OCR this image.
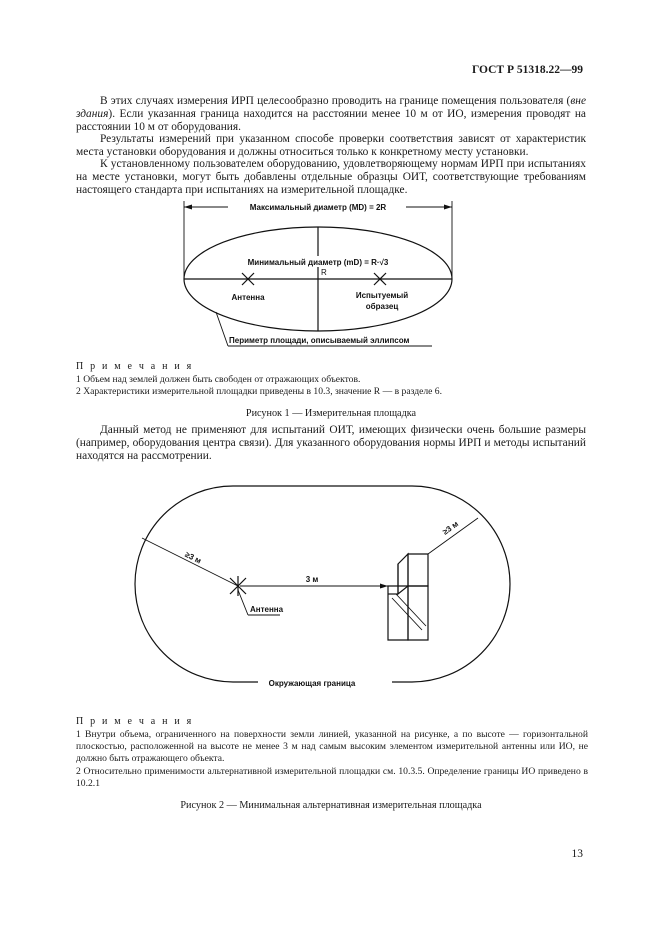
ГОСТ Р 51318.22—99

В этих случаях измерения ИРП целесообразно проводить на границе помещения пользователя (вне здания). Если указанная граница находится на расстоянии менее 10 м от ИО, измерения проводят на расстоянии 10 м от оборудования.

Результаты измерений при указанном способе проверки соответствия зависят от характеристик места установки оборудования и должны относиться только к конкретному месту установки.

К установленному пользователем оборудованию, удовлетворяющему нормам ИРП при испытаниях на месте установки, могут быть добавлены отдельные образцы ОИТ, соответствующие требованиям настоящего стандарта при испытаниях на измерительной площадке.

Максимальный диаметр (MD) = 2R
Минимальный диаметр (mD) = R·√3
R
Антенна	Испытуемый
образец
Периметр площади, описываемый эллипсом
П р и м е ч а н и я

1 Объем над землей должен быть свободен от отражающих объектов.

2 Характеристики измерительной площадки приведены в 10.3, значение R — в разделе 6.

Рисунок 1 — Измерительная площадка

Данный метод не применяют для испытаний ОИТ, имеющих физически очень большие размеры (например, оборудования центра связи). Для указанного оборудования нормы ИРП и методы испытаний находятся на рассмотрении.

≥3 м
3 м
Антенна
≥3 м
Окружающая граница
П р и м е ч а н и я

1 Внутри объема, ограниченного на поверхности земли линией, указанной на рисунке, а по высоте — горизонтальной плоскостью, расположенной на высоте не менее 3 м над самым высоким элементом измерительной антенны или ИО, не должно быть отражающего объекта.

2 Относительно применимости альтернативной измерительной площадки см. 10.3.5. Определение границы ИО приведено в 10.2.1

Рисунок 2 — Минимальная альтернативная измерительная площадка
13
